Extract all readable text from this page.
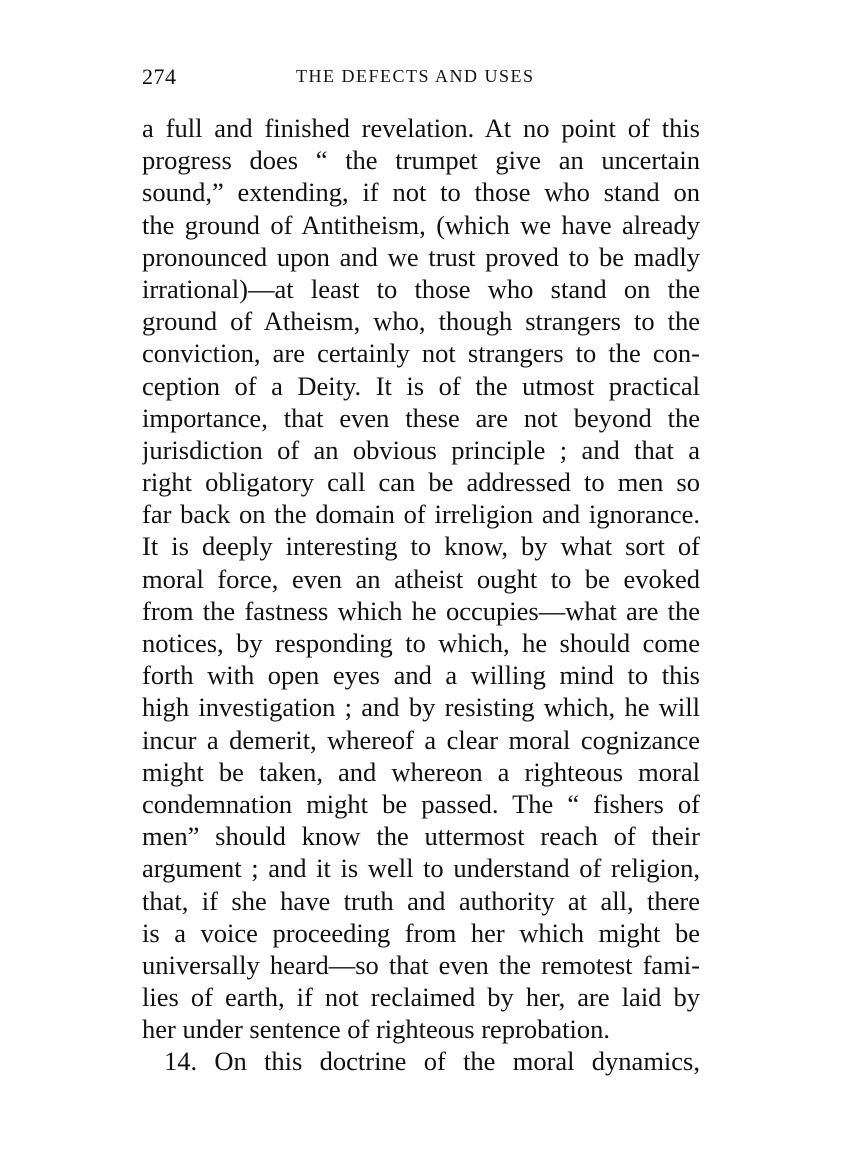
274	THE DEFECTS AND USES
a full and finished revelation. At no point of this
progress does “ the trumpet give an uncertain
sound,” extending, if not to those who stand on
the ground of Antitheism, (which we have already
pronounced upon and we trust proved to be madly
irrational)—at least to those who stand on the
ground of Atheism, who, though strangers to the
conviction, are certainly not strangers to the con-
ception of a Deity. It is of the utmost practical
importance, that even these are not beyond the
jurisdiction of an obvious principle ; and that a
right obligatory call can be addressed to men so
far back on the domain of irreligion and ignorance.
It is deeply interesting to know, by what sort of
moral force, even an atheist ought to be evoked
from the fastness which he occupies—what are the
notices, by responding to which, he should come
forth with open eyes and a willing mind to this
high investigation ; and by resisting which, he will
incur a demerit, whereof a clear moral cognizance
might be taken, and whereon a righteous moral
condemnation might be passed. The “ fishers of
men” should know the uttermost reach of their
argument ; and it is well to understand of religion,
that, if she have truth and authority at all, there
is a voice proceeding from her which might be
universally heard—so that even the remotest fami-
lies of earth, if not reclaimed by her, are laid by
her under sentence of righteous reprobation.
14. On this doctrine of the moral dynamics,
